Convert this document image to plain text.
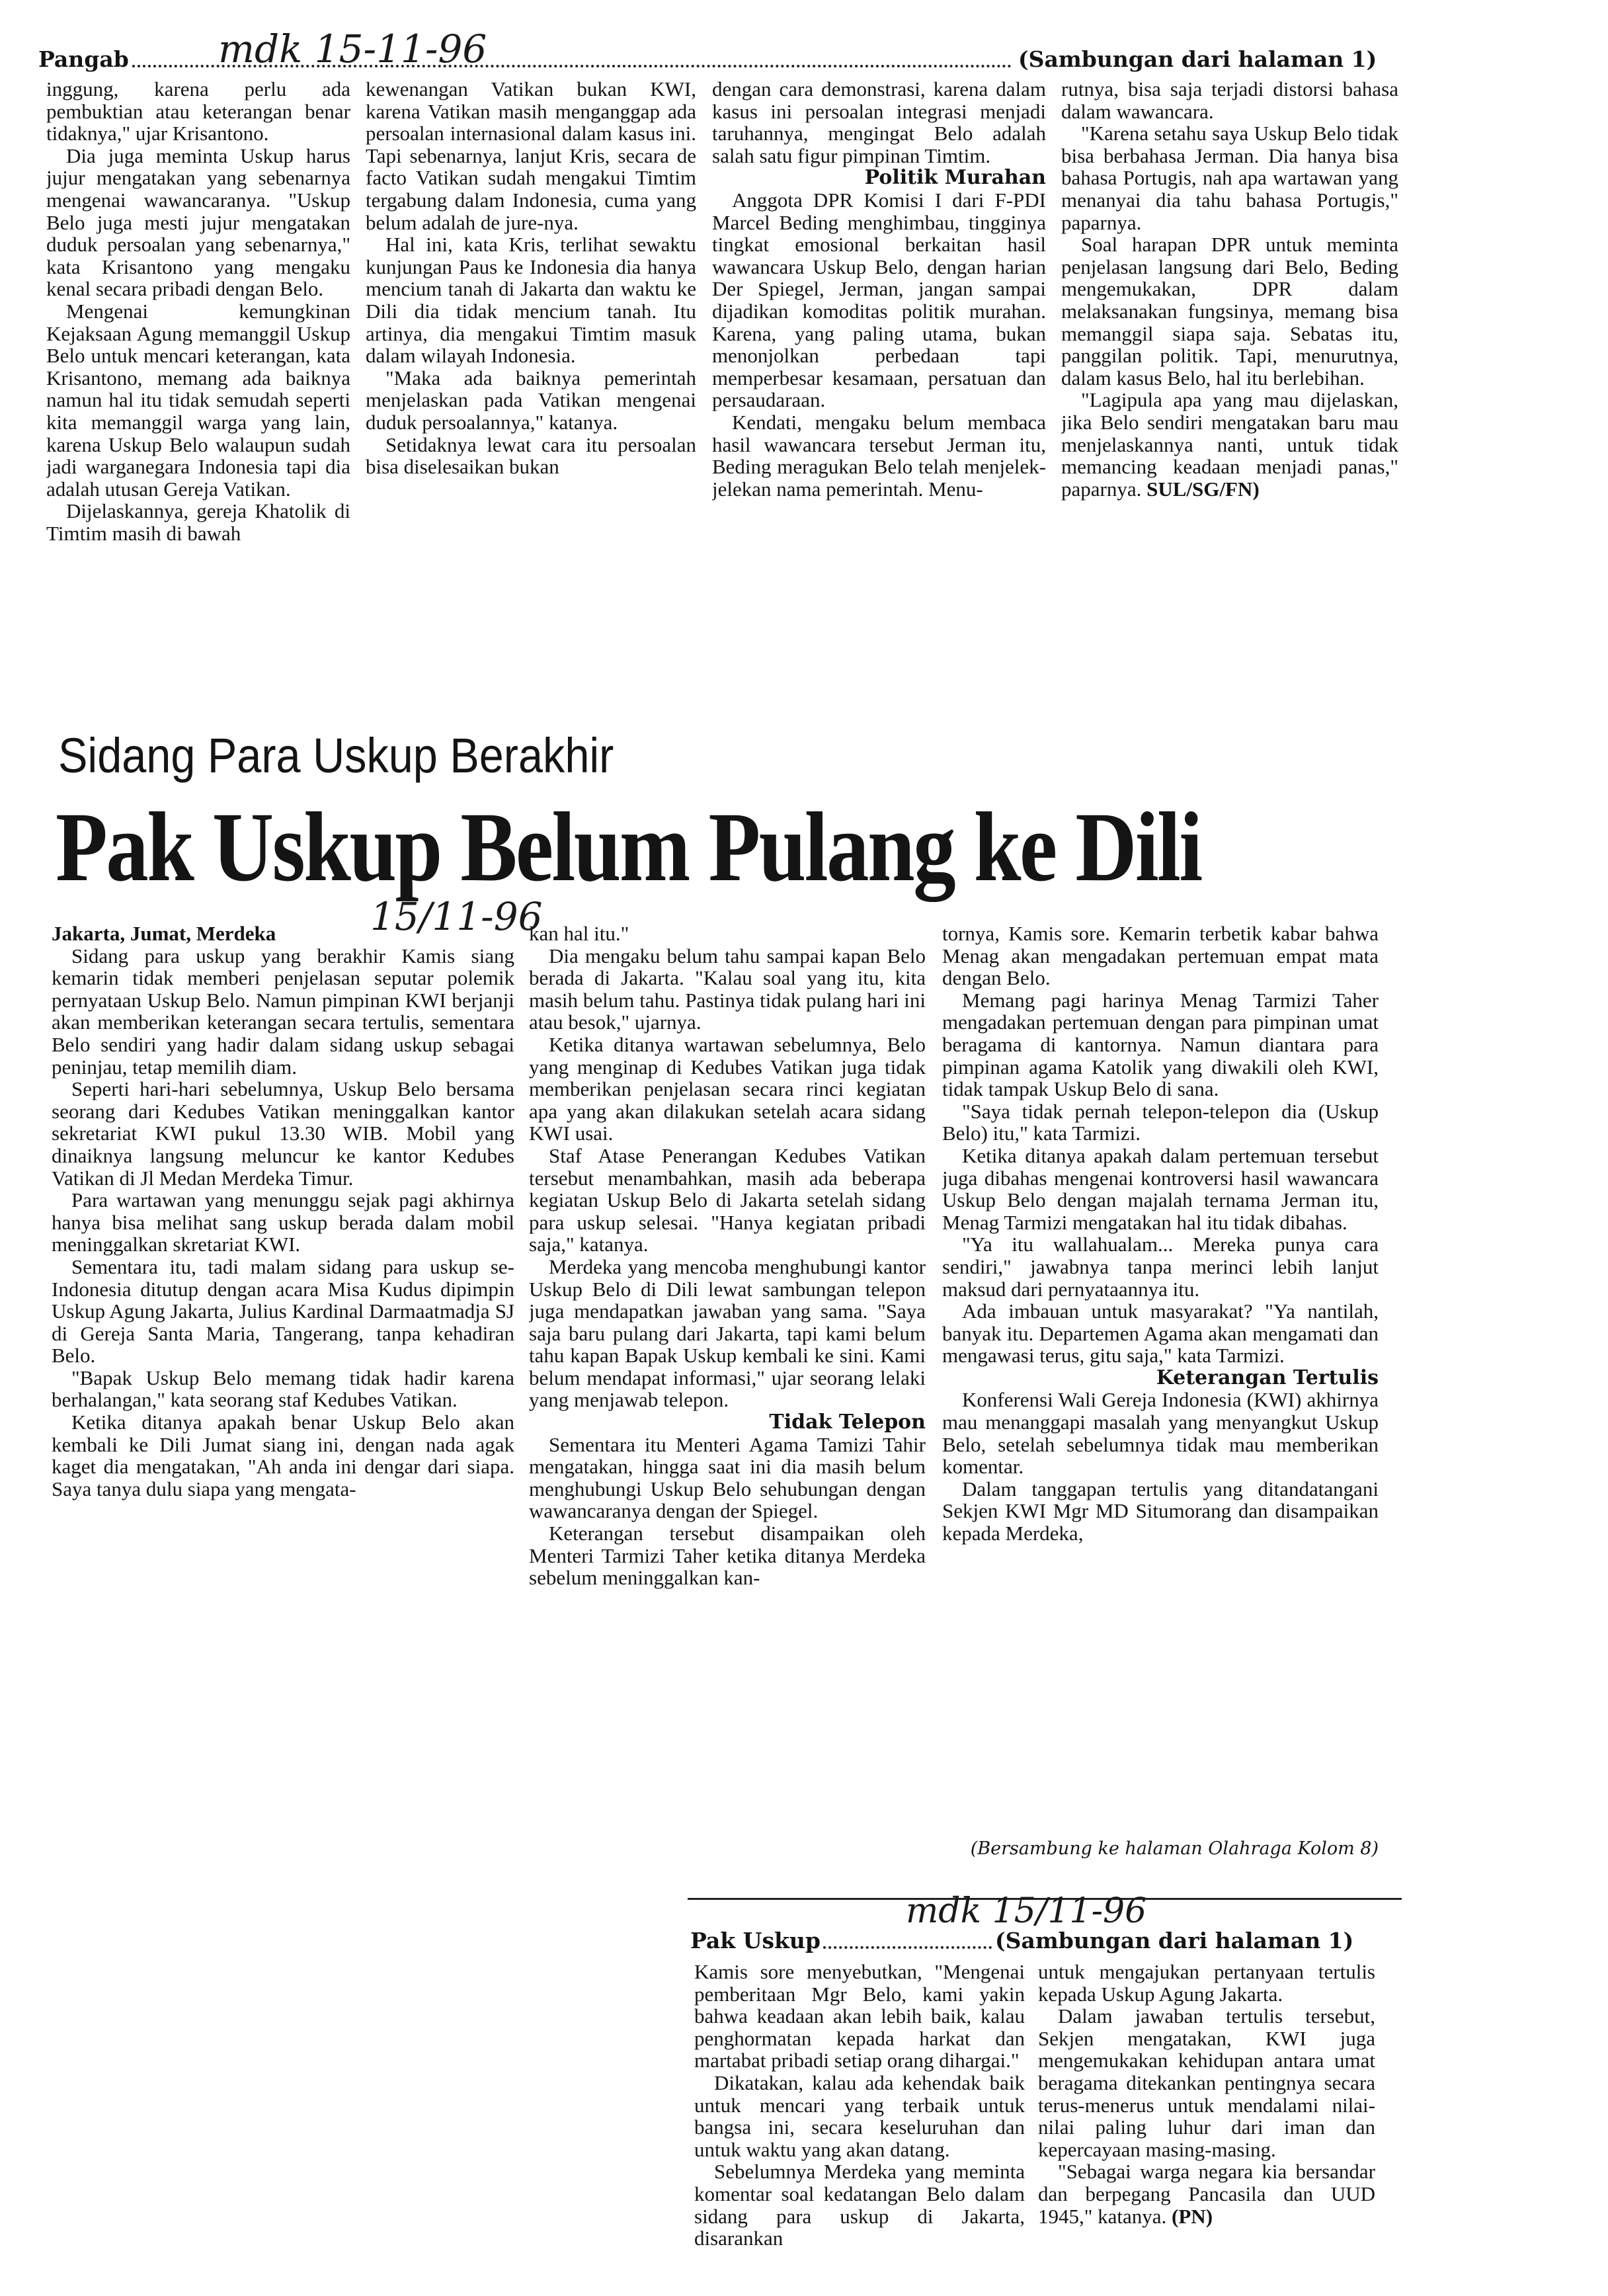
Pangab mdk 15-11-96	(Sambungan dari halaman 1)

inggung, karena perlu ada pembuktian atau keterangan benar tidaknya," ujar Krisantono.

Dia juga meminta Uskup harus jujur mengatakan yang sebenarnya mengenai wawancaranya. "Uskup Belo juga mesti jujur mengatakan duduk persoalan yang sebenarnya," kata Krisantono yang mengaku kenal secara pribadi dengan Belo.

Mengenai kemungkinan Kejaksaan Agung memanggil Uskup Belo untuk mencari keterangan, kata Krisantono, memang ada baiknya namun hal itu tidak semudah seperti kita memanggil warga yang lain, karena Uskup Belo walaupun sudah jadi warganegara Indonesia tapi dia adalah utusan Gereja Vatikan.

Dijelaskannya, gereja Khatolik di Timtim masih di bawah

kewenangan Vatikan bukan KWI, karena Vatikan masih menganggap ada persoalan internasional dalam kasus ini. Tapi sebenarnya, lanjut Kris, secara de facto Vatikan sudah mengakui Timtim tergabung dalam Indonesia, cuma yang belum adalah de jure-nya.

Hal ini, kata Kris, terlihat sewaktu kunjungan Paus ke Indonesia dia hanya mencium tanah di Jakarta dan waktu ke Dili dia tidak mencium tanah. Itu artinya, dia mengakui Timtim masuk dalam wilayah Indonesia.

"Maka ada baiknya pemerintah menjelaskan pada Vatikan mengenai duduk persoalannya," katanya.

Setidaknya lewat cara itu persoalan bisa diselesaikan bukan

dengan cara demonstrasi, karena dalam kasus ini persoalan integrasi menjadi taruhannya, mengingat Belo adalah salah satu figur pimpinan Timtim.

Politik Murahan

Anggota DPR Komisi I dari F-PDI Marcel Beding menghimbau, tingginya tingkat emosional berkaitan hasil wawancara Uskup Belo, dengan harian Der Spiegel, Jerman, jangan sampai dijadikan komoditas politik murahan. Karena, yang paling utama, bukan menonjolkan perbedaan tapi memperbesar kesamaan, persatuan dan persaudaraan.

Kendati, mengaku belum membaca hasil wawancara tersebut Jerman itu, Beding meragukan Belo telah menjelek-jelekan nama pemerintah. Menu-

rutnya, bisa saja terjadi distorsi bahasa dalam wawancara.

"Karena setahu saya Uskup Belo tidak bisa berbahasa Jerman. Dia hanya bisa bahasa Portugis, nah apa wartawan yang menanyai dia tahu bahasa Portugis," paparnya.

Soal harapan DPR untuk meminta penjelasan langsung dari Belo, Beding mengemukakan, DPR dalam melaksanakan fungsinya, memang bisa memanggil siapa saja. Sebatas itu, panggilan politik. Tapi, menurutnya, dalam kasus Belo, hal itu berlebihan.

"Lagipula apa yang mau dijelaskan, jika Belo sendiri mengatakan baru mau menjelaskannya nanti, untuk tidak memancing keadaan menjadi panas," paparnya. SUL/SG/FN)

Sidang Para Uskup Berakhir
Pak Uskup Belum Pulang ke Dili
15/11-96

Jakarta, Jumat, Merdeka

Sidang para uskup yang berakhir Kamis siang kemarin tidak memberi penjelasan seputar polemik pernyataan Uskup Belo. Namun pimpinan KWI berjanji akan memberikan keterangan secara tertulis, sementara Belo sendiri yang hadir dalam sidang uskup sebagai peninjau, tetap memilih diam.

Seperti hari-hari sebelumnya, Uskup Belo bersama seorang dari Kedubes Vatikan meninggalkan kantor sekretariat KWI pukul 13.30 WIB. Mobil yang dinaiknya langsung meluncur ke kantor Kedubes Vatikan di Jl Medan Merdeka Timur.

Para wartawan yang menunggu sejak pagi akhirnya hanya bisa melihat sang uskup berada dalam mobil meninggalkan skretariat KWI.

Sementara itu, tadi malam sidang para uskup se-Indonesia ditutup dengan acara Misa Kudus dipimpin Uskup Agung Jakarta, Julius Kardinal Darmaatmadja SJ di Gereja Santa Maria, Tangerang, tanpa kehadiran Belo.

"Bapak Uskup Belo memang tidak hadir karena berhalangan," kata seorang staf Kedubes Vatikan.

Ketika ditanya apakah benar Uskup Belo akan kembali ke Dili Jumat siang ini, dengan nada agak kaget dia mengatakan, "Ah anda ini dengar dari siapa. Saya tanya dulu siapa yang mengata-

kan hal itu."

Dia mengaku belum tahu sampai kapan Belo berada di Jakarta. "Kalau soal yang itu, kita masih belum tahu. Pastinya tidak pulang hari ini atau besok," ujarnya.

Ketika ditanya wartawan sebelumnya, Belo yang menginap di Kedubes Vatikan juga tidak memberikan penjelasan secara rinci kegiatan apa yang akan dilakukan setelah acara sidang KWI usai.

Staf Atase Penerangan Kedubes Vatikan tersebut menambahkan, masih ada beberapa kegiatan Uskup Belo di Jakarta setelah sidang para uskup selesai. "Hanya kegiatan pribadi saja," katanya.

Merdeka yang mencoba menghubungi kantor Uskup Belo di Dili lewat sambungan telepon juga mendapatkan jawaban yang sama. "Saya saja baru pulang dari Jakarta, tapi kami belum tahu kapan Bapak Uskup kembali ke sini. Kami belum mendapat informasi," ujar seorang lelaki yang menjawab telepon.

Tidak Telepon

Sementara itu Menteri Agama Tamizi Tahir mengatakan, hingga saat ini dia masih belum menghubungi Uskup Belo sehubungan dengan wawancaranya dengan der Spiegel.

Keterangan tersebut disampaikan oleh Menteri Tarmizi Taher ketika ditanya Merdeka sebelum meninggalkan kan-

tornya, Kamis sore. Kemarin terbetik kabar bahwa Menag akan mengadakan pertemuan empat mata dengan Belo.

Memang pagi harinya Menag Tarmizi Taher mengadakan pertemuan dengan para pimpinan umat beragama di kantornya. Namun diantara para pimpinan agama Katolik yang diwakili oleh KWI, tidak tampak Uskup Belo di sana.

"Saya tidak pernah telepon-telepon dia (Uskup Belo) itu," kata Tarmizi.

Ketika ditanya apakah dalam pertemuan tersebut juga dibahas mengenai kontroversi hasil wawancara Uskup Belo dengan majalah ternama Jerman itu, Menag Tarmizi mengatakan hal itu tidak dibahas.

"Ya itu wallahualam... Mereka punya cara sendiri," jawabnya tanpa merinci lebih lanjut maksud dari pernyataannya itu.

Ada imbauan untuk masyarakat? "Ya nantilah, banyak itu. Departemen Agama akan mengamati dan mengawasi terus, gitu saja," kata Tarmizi.

Keterangan Tertulis

Konferensi Wali Gereja Indonesia (KWI) akhirnya mau menanggapi masalah yang menyangkut Uskup Belo, setelah sebelumnya tidak mau memberikan komentar.

Dalam tanggapan tertulis yang ditandatangani Sekjen KWI Mgr MD Situmorang dan disampaikan kepada Merdeka,

(Bersambung ke halaman Olahraga Kolom 8)
mdk 15/11-96
Pak Uskup	(Sambungan dari halaman 1)

Kamis sore menyebutkan, "Mengenai pemberitaan Mgr Belo, kami yakin bahwa keadaan akan lebih baik, kalau penghormatan kepada harkat dan martabat pribadi setiap orang dihargai."

Dikatakan, kalau ada kehendak baik untuk mencari yang terbaik untuk bangsa ini, secara keseluruhan dan untuk waktu yang akan datang.

Sebelumnya Merdeka yang meminta komentar soal kedatangan Belo dalam sidang para uskup di Jakarta, disarankan

untuk mengajukan pertanyaan tertulis kepada Uskup Agung Jakarta.

Dalam jawaban tertulis tersebut, Sekjen mengatakan, KWI juga mengemukakan kehidupan antara umat beragama ditekankan pentingnya secara terus-menerus untuk mendalami nilai-nilai paling luhur dari iman dan kepercayaan masing-masing.

"Sebagai warga negara kia bersandar dan berpegang Pancasila dan UUD 1945," katanya. (PN)
